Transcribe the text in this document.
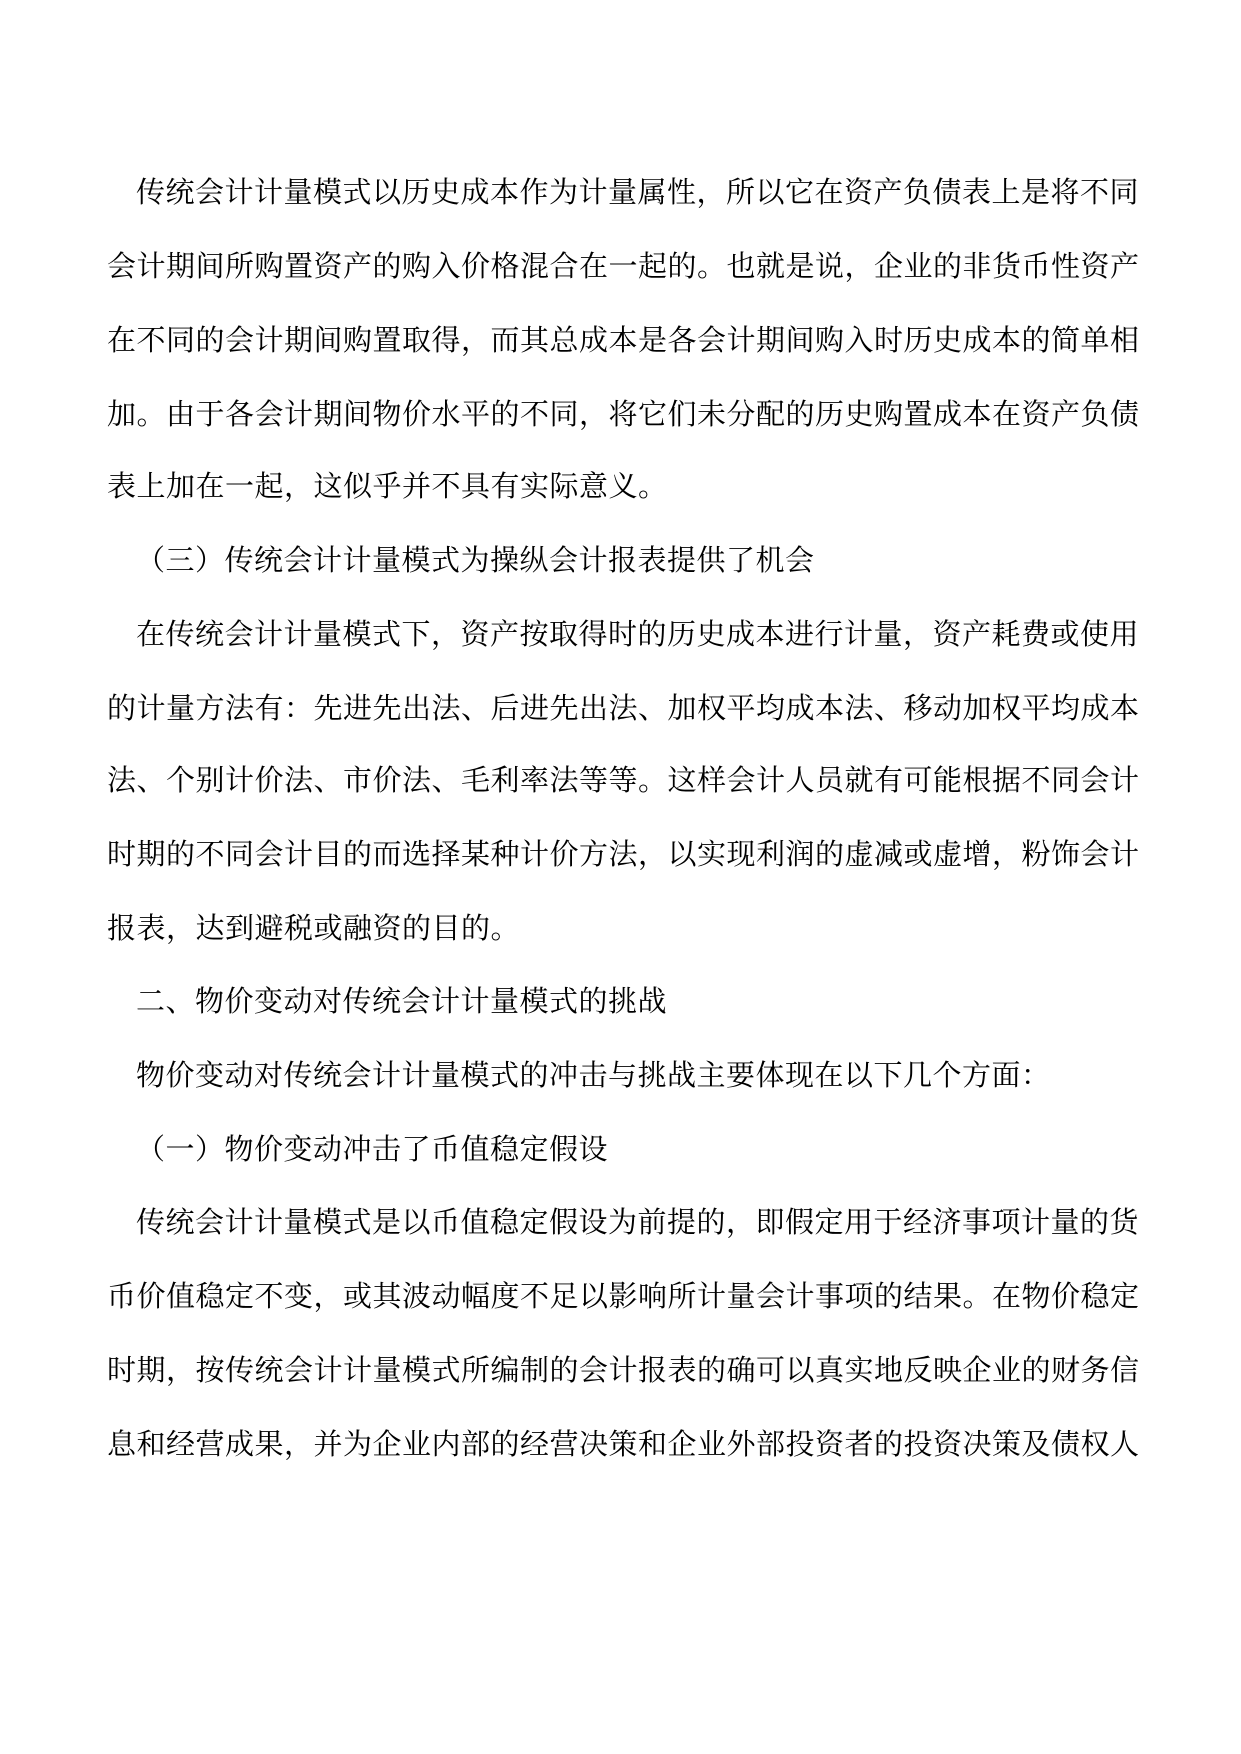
传统会计计量模式以历史成本作为计量属性，所以它在资产负债表上是将不同
会计期间所购置资产的购入价格混合在一起的。也就是说，企业的非货币性资产
在不同的会计期间购置取得，而其总成本是各会计期间购入时历史成本的简单相
加。由于各会计期间物价水平的不同，将它们未分配的历史购置成本在资产负债
表上加在一起，这似乎并不具有实际意义。
（三）传统会计计量模式为操纵会计报表提供了机会
在传统会计计量模式下，资产按取得时的历史成本进行计量，资产耗费或使用
的计量方法有：先进先出法、后进先出法、加权平均成本法、移动加权平均成本
法、个别计价法、市价法、毛利率法等等。这样会计人员就有可能根据不同会计
时期的不同会计目的而选择某种计价方法，以实现利润的虚减或虚增，粉饰会计
报表，达到避税或融资的目的。
二、物价变动对传统会计计量模式的挑战
物价变动对传统会计计量模式的冲击与挑战主要体现在以下几个方面：
（一）物价变动冲击了币值稳定假设
传统会计计量模式是以币值稳定假设为前提的，即假定用于经济事项计量的货
币价值稳定不变，或其波动幅度不足以影响所计量会计事项的结果。在物价稳定
时期，按传统会计计量模式所编制的会计报表的确可以真实地反映企业的财务信
息和经营成果，并为企业内部的经营决策和企业外部投资者的投资决策及债权人
